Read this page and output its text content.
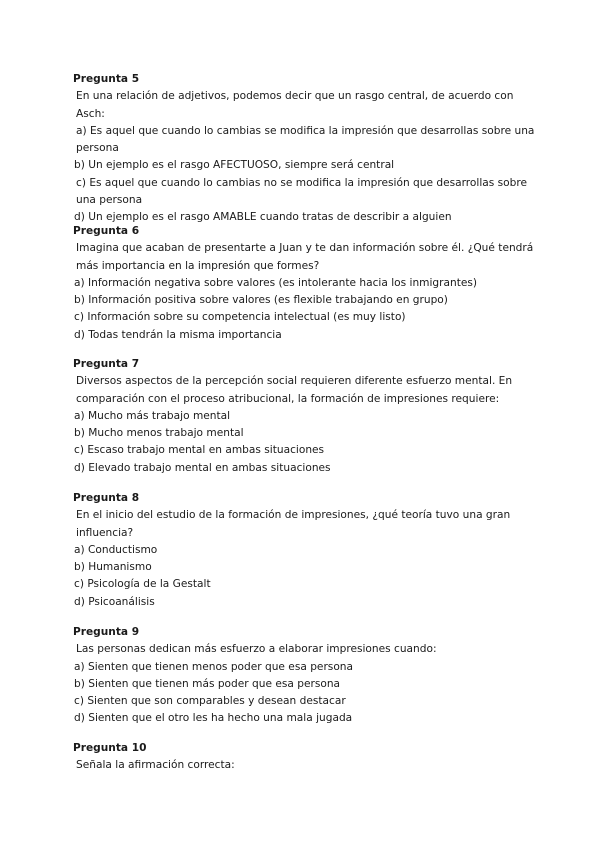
Pregunta 5

En una relación de adjetivos, podemos decir que un rasgo central, de acuerdo con Asch:

a) Es aquel que cuando lo cambias se modifica la impresión que desarrollas sobre una persona
b) Un ejemplo es el rasgo AFECTUOSO, siempre será central
c) Es aquel que cuando lo cambias no se modifica la impresión que desarrollas sobre una persona
d) Un ejemplo es el rasgo AMABLE cuando tratas de describir a alguien

Pregunta 6

Imagina que acaban de presentarte a Juan y te dan información sobre él. ¿Qué tendrá más importancia en la impresión que formes?

a) Información negativa sobre valores (es intolerante hacia los inmigrantes)
b) Información positiva sobre valores (es flexible trabajando en grupo)
c) Información sobre su competencia intelectual (es muy listo)
d) Todas tendrán la misma importancia

Pregunta 7

Diversos aspectos de la percepción social requieren diferente esfuerzo mental. En comparación con el proceso atribucional, la formación de impresiones requiere:

a) Mucho más trabajo mental
b) Mucho menos trabajo mental
c) Escaso trabajo mental en ambas situaciones
d) Elevado trabajo mental en ambas situaciones

Pregunta 8

En el inicio del estudio de la formación de impresiones, ¿qué teoría tuvo una gran influencia?

a) Conductismo
b) Humanismo
c) Psicología de la Gestalt
d) Psicoanálisis

Pregunta 9

Las personas dedican más esfuerzo a elaborar impresiones cuando:

a) Sienten que tienen menos poder que esa persona
b) Sienten que tienen más poder que esa persona
c) Sienten que son comparables y desean destacar
d) Sienten que el otro les ha hecho una mala jugada

Pregunta 10

Señala la afirmación correcta:
